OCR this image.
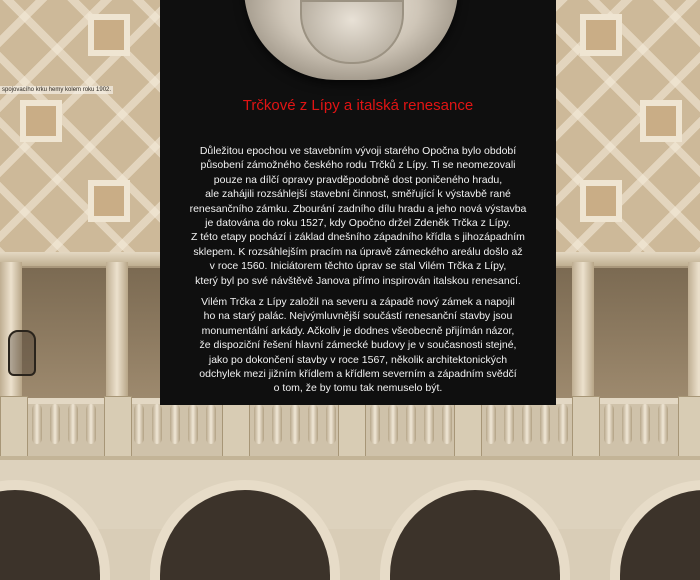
spojovacího krku hemy kolem roku 1902.
Trčkové z Lípy a italská renesance
Důležitou epochou ve stavebním vývoji starého Opočna bylo období
působení zámožného českého rodu Trčků z Lípy. Ti se neomezovali
pouze na dílčí opravy pravděpodobně dost poničeného hradu,
ale zahájili rozsáhlejší stavební činnost, směřující k výstavbě rané
renesančního zámku. Zbourání zadního dílu hradu a jeho nová výstavba
je datována do roku 1527, kdy Opočno držel Zdeněk Trčka z Lípy.
Z této etapy pochází i základ dnešního západního křídla s jihozápadním
sklepem. K rozsáhlejším pracím na úpravě zámeckého areálu došlo až
v roce 1560. Iniciátorem těchto úprav se stal Vilém Trčka z Lípy,
který byl po své návštěvě Janova přímo inspirován italskou renesancí.
Vilém Trčka z Lípy založil na severu a západě nový zámek a napojil
ho na starý palác. Nejvýmluvnější součástí renesanční stavby jsou
monumentální arkády. Ačkoliv je dodnes všeobecně přijímán názor,
že dispoziční řešení hlavní zámecké budovy je v současnosti stejné,
jako po dokončení stavby v roce 1567, několik architektonických
odchylek mezi jižním křídlem a křídlem severním a západním svědčí
o tom, že by tomu tak nemuselo být.
